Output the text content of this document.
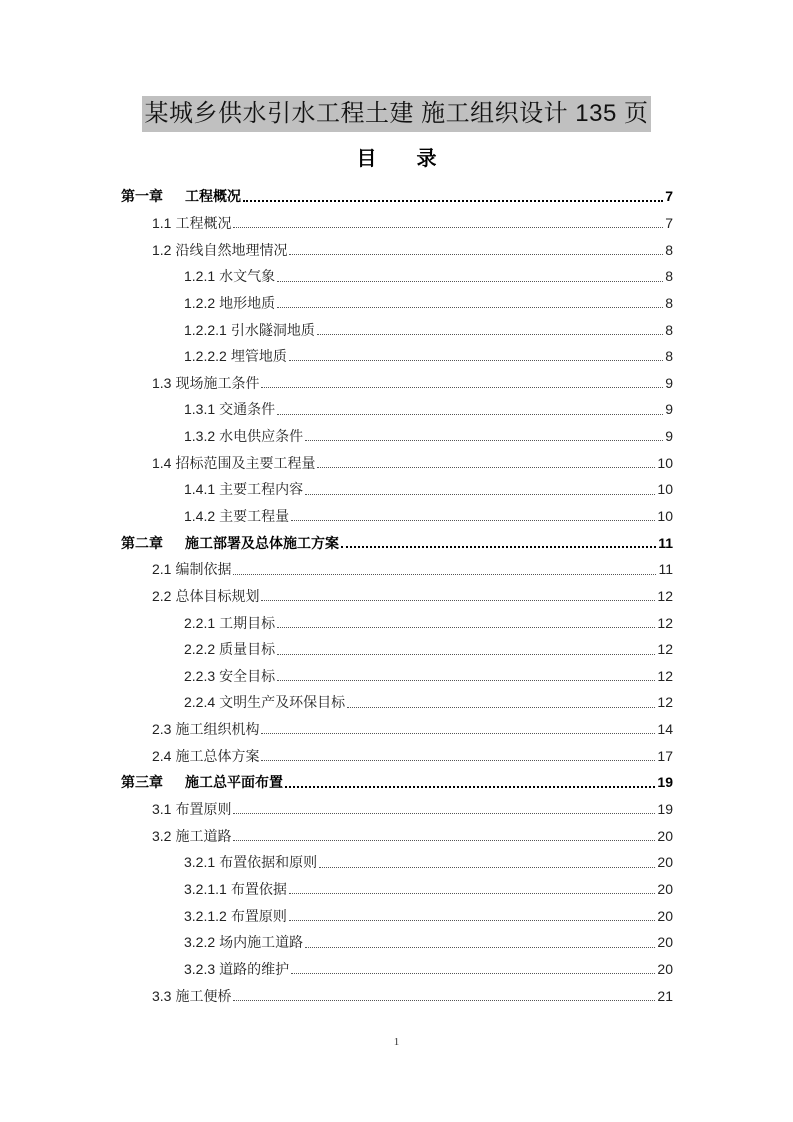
某城乡供水引水工程土建 施工组织设计 135 页
目 录
第一章 工程概况	7
1.1 工程概况	7
1.2 沿线自然地理情况	8
1.2.1 水文气象	8
1.2.2 地形地质	8
1.2.2.1 引水隧洞地质	8
1.2.2.2 埋管地质	8
1.3 现场施工条件	9
1.3.1 交通条件	9
1.3.2 水电供应条件	9
1.4 招标范围及主要工程量	10
1.4.1 主要工程内容	10
1.4.2 主要工程量	10
第二章 施工部署及总体施工方案	11
2.1 编制依据	11
2.2 总体目标规划	12
2.2.1 工期目标	12
2.2.2 质量目标	12
2.2.3 安全目标	12
2.2.4 文明生产及环保目标	12
2.3 施工组织机构	14
2.4 施工总体方案	17
第三章 施工总平面布置	19
3.1 布置原则	19
3.2 施工道路	20
3.2.1 布置依据和原则	20
3.2.1.1 布置依据	20
3.2.1.2 布置原则	20
3.2.2 场内施工道路	20
3.2.3 道路的维护	20
3.3 施工便桥	21
1
